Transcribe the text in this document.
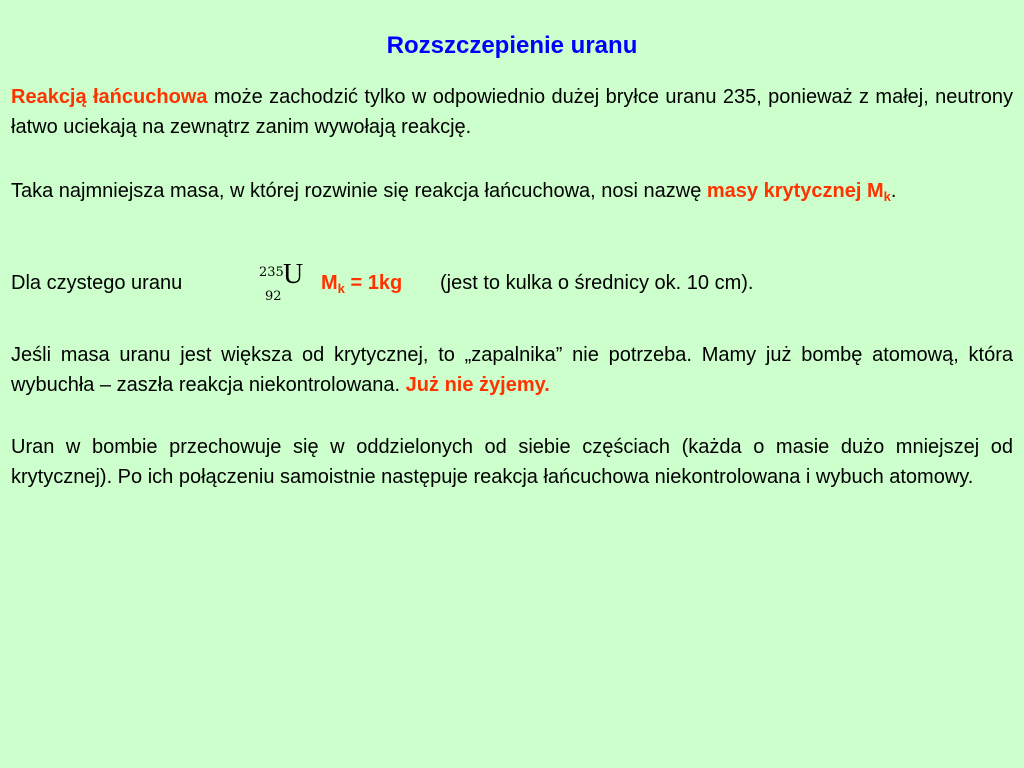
Rozszczepienie uranu
Reakcją łańcuchowa może zachodzić tylko w odpowiednio dużej bryłce uranu 235, ponieważ z małej, neutrony łatwo uciekają na zewnątrz zanim wywołają reakcję.
Taka najmniejsza masa, w której rozwinie się reakcja łańcuchowa, nosi nazwę masy krytycznej $M_k$.
Dla czystego uranu	235
92
U $M_k = 1kg$ (jest to kulka o średnicy ok. 10 cm).
Jeśli masa uranu jest większa od krytycznej, to „zapalnika” nie potrzeba. Mamy już bombę atomową, która wybuchła – zaszła reakcja niekontrolowana. Już nie żyjemy.
Uran w bombie przechowuje się w oddzielonych od siebie częściach (każda o masie dużo mniejszej od krytycznej). Po ich połączeniu samoistnie następuje reakcja łańcuchowa niekontrolowana i wybuch atomowy.
